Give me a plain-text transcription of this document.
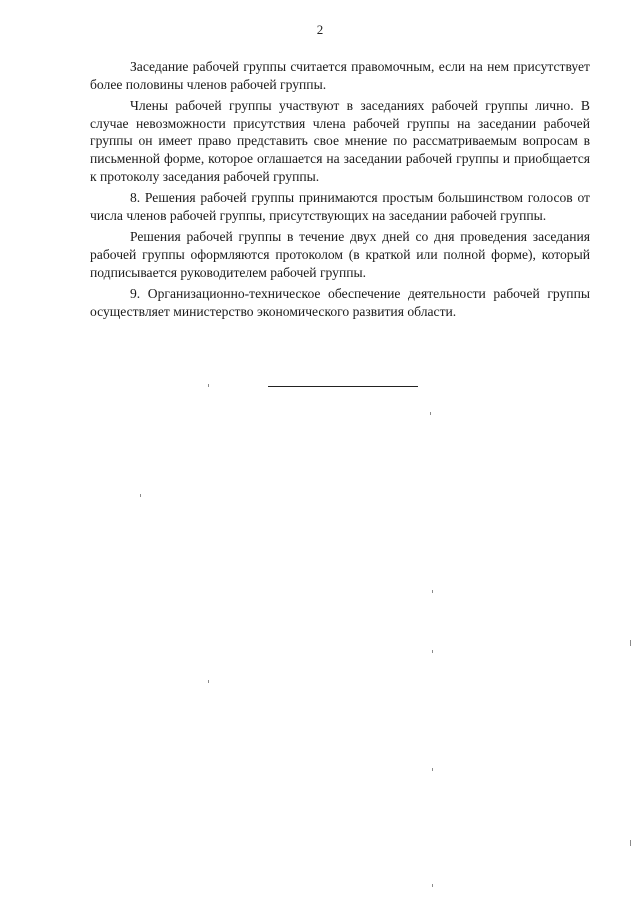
2

Заседание рабочей группы считается правомочным, если на нем присутствует более половины членов рабочей группы.

Члены рабочей группы участвуют в заседаниях рабочей группы лично. В случае невозможности присутствия члена рабочей группы на заседании рабочей группы он имеет право представить свое мнение по рассматриваемым вопросам в письменной форме, которое оглашается на заседании рабочей группы и приобщается к протоколу заседания рабочей группы.

8. Решения рабочей группы принимаются простым большинством голосов от числа членов рабочей группы, присутствующих на заседании рабочей группы.

Решения рабочей группы в течение двух дней со дня проведения заседания рабочей группы оформляются протоколом (в краткой или полной форме), который подписывается руководителем рабочей группы.

9. Организационно-техническое обеспечение деятельности рабочей группы осуществляет министерство экономического развития области.
